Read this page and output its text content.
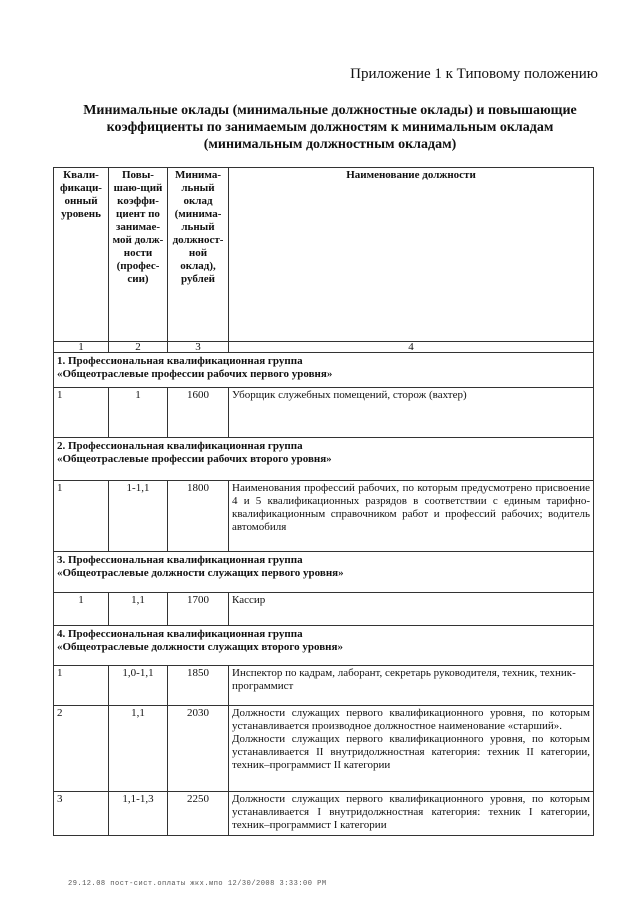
Приложение 1 к Типовому положению
Минимальные оклады (минимальные должностные оклады) и повышающие
коэффициенты по занимаемым должностям к минимальным окладам
(минимальным должностным окладам)
Квали-фикаци-онный уровень	Повы-шаю-щий коэффи-циент по занимае-мой долж-ности (профес-сии)	Минима-льный оклад (минима-льный должност-ной оклад), рублей	Наименование должности
1	2	3	4

1. Профессиональная квалификационная группа
«Общеотраслевые профессии рабочих первого уровня»			

1	1	1600	Уборщик служебных помещений, сторож (вахтер)

2. Профессиональная квалификационная группа
«Общеотраслевые профессии рабочих второго уровня»			

1	1-1,1	1800	Наименования профессий рабочих, по которым предусмотрено присвоение 4 и 5 квалификационных разрядов в соответствии с единым тарифно-квалификационным справочником работ и профессий рабочих; водитель автомобиля

3. Профессиональная квалификационная группа
«Общеотраслевые должности служащих первого уровня»			

1	1,1	1700	Кассир

4. Профессиональная квалификационная группа
«Общеотраслевые должности служащих второго уровня»			

1	1,0-1,1	1850	Инспектор по кадрам, лаборант, секретарь руководителя, техник, техник-программист
2	1,1	2030	Должности служащих первого квалификационного уровня, по которым устанавливается производное должностное наименование «старший».
Должности служащих первого квалификационного уровня, по которым устанавливается II внутридолжностная категория: техник II категории, техник–программист II категории

3	1,1-1,3	2250	Должности служащих первого квалификационного уровня, по которым устанавливается I внутридолжностная категория: техник I категории, техник–программист I категории
29.12.08 пост-сист.оплаты жкх.мпо 12/30/2008 3:33:00 PM
